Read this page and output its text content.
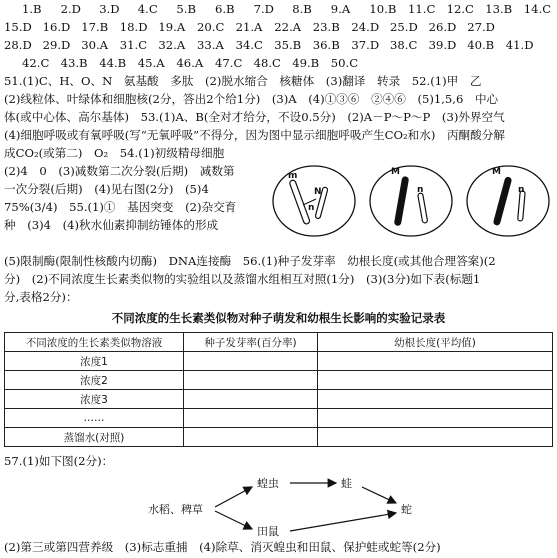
1.B 2.D 3.D 4.C 5.B 6.B 7.D 8.B 9.A 10.B 11.C 12.C 13.B 14.C
15.D 16.D 17.B 18.D 19.A 20.C 21.A 22.A 23.B 24.D 25.D 26.D 27.D
28.D 29.D 30.A 31.C 32.A 33.A 34.C 35.B 36.B 37.D 38.C 39.D 40.B 41.D
42.C 43.B 44.B 45.A 46.A 47.C 48.C 49.B 50.C
51.(1)C、H、O、N　氨基酸　多肽　(2)脱水缩合　核糖体　(3)翻译　转录　52.(1)甲　乙
(2)线粒体、叶绿体和细胞核(2分，答出2个给1分)　(3)A　(4)①③⑥　②④⑥　(5)1,5,6　中心
体(或中心体、高尔基体)　53.(1)A、B(全对才给分，不设0.5分)　(2)A－P～P～P　(3)外界空气
(4)细胞呼吸或有氧呼吸(写“无氧呼吸”不得分，因为图中显示细胞呼吸产生CO₂和水)　丙酮酸分解
成CO₂(或第二)　O₂　54.(1)初级精母细胞
(2)4　0　(3)减数第二次分裂(后期)　减数第
一次分裂(后期)　(4)见右图(2分)　(5)4
75%(3/4)　55.(1)①　基因突变　(2)杂交育
种　(3)4　(4)秋水仙素抑制纺锤体的形成
m
n
N
M
n
M
n
(5)限制酶(限制性核酸内切酶)　DNA连接酶　56.(1)种子发芽率　幼根长度(或其他合理答案)(2
分)　(2)不同浓度生长素类似物的实验组以及蒸馏水组相互对照(1分)　(3)(3分)如下表(标题1
分,表格2分)：
不同浓度的生长素类似物对种子萌发和幼根生长影响的实验记录表
不同浓度的生长素类似物溶液	种子发芽率(百分率)	幼根长度(平均值)
浓度1		
浓度2		
浓度3		
……		
蒸馏水(对照)		
57.(1)如下图(2分)：
水稻、稗草
蝗虫
田鼠
蛙
蛇
(2)第三或第四营养级　(3)标志重捕　(4)除草、消灭蝗虫和田鼠、保护蛙或蛇等(2分)
